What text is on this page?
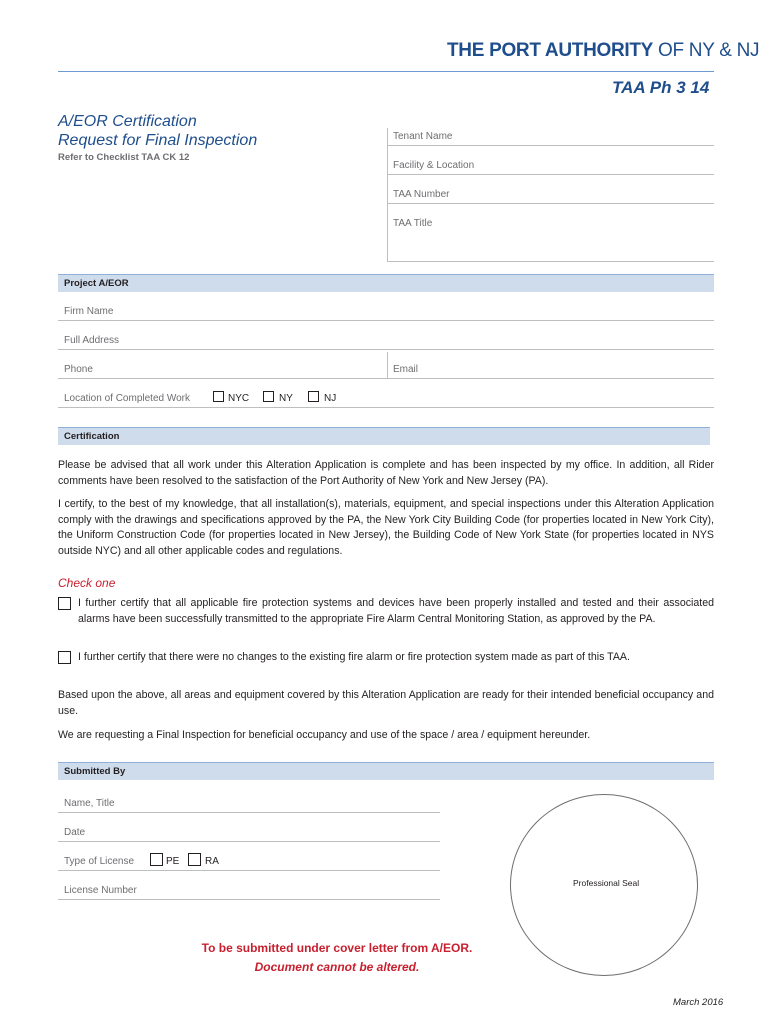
THE PORT AUTHORITY OF NY & NJ
TAA Ph 3 14
A/EOR Certification
Request for Final Inspection
Refer to Checklist TAA CK 12
Tenant Name
Facility & Location
TAA Number
TAA Title
Project A/EOR
Firm Name
Full Address
Phone	Email
Location of Completed Work	NYC	NY	NJ
Certification
Please be advised that all work under this Alteration Application is complete and has been inspected by my office. In addition, all Rider comments have been resolved to the satisfaction of the Port Authority of New York and New Jersey (PA).
I certify, to the best of my knowledge, that all installation(s), materials, equipment, and special inspections under this Alteration Application comply with the drawings and specifications approved by the PA, the New York City Building Code (for properties located in New York City), the Uniform Construction Code (for properties located in New Jersey), the Building Code of New York State (for properties located in NYS outside NYC) and all other applicable codes and regulations.
Check one
I further certify that all applicable fire protection systems and devices have been properly installed and tested and their associated alarms have been successfully transmitted to the appropriate Fire Alarm Central Monitoring Station, as approved by the PA.
I further certify that there were no changes to the existing fire alarm or fire protection system made as part of this TAA.
Based upon the above, all areas and equipment covered by this Alteration Application are ready for their intended beneficial occupancy and use.
We are requesting a Final Inspection for beneficial occupancy and use of the space / area / equipment hereunder.
Submitted By
Name, Title
Date
Type of License	PE	RA
License Number
Professional Seal
To be submitted under cover letter from A/EOR.
Document cannot be altered.
March 2016
